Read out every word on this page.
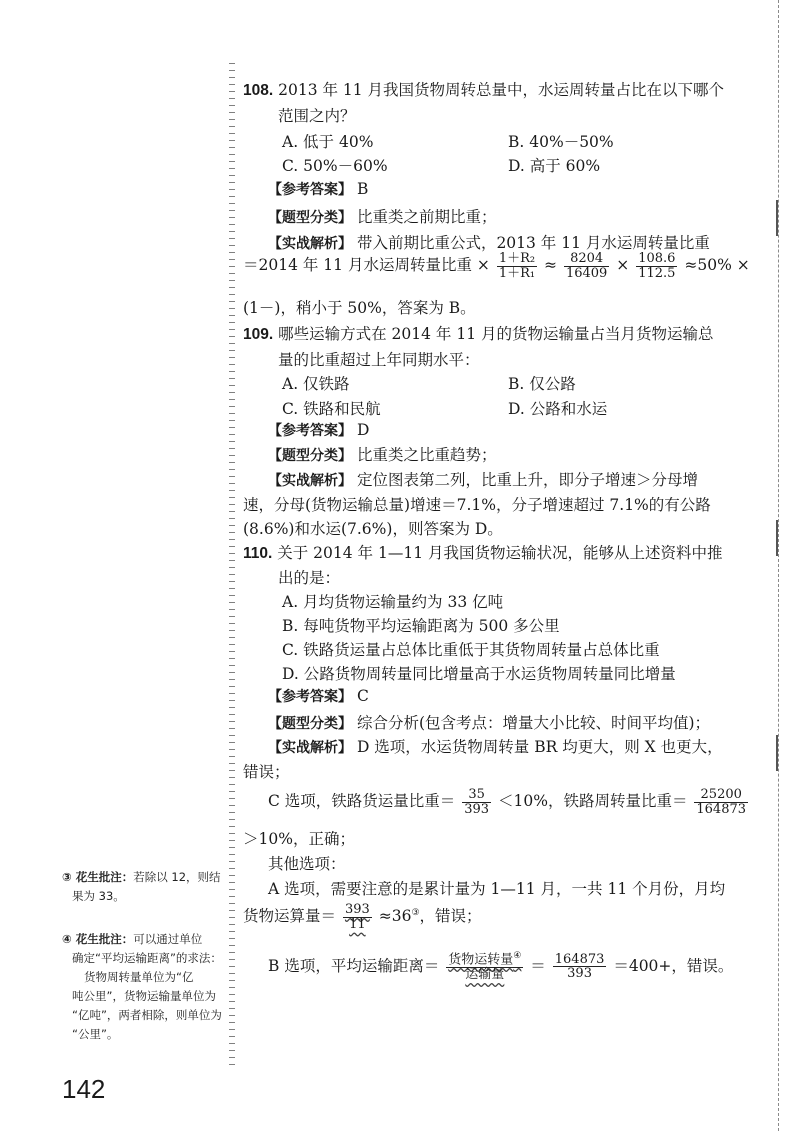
108. 2013 年 11 月我国货物周转总量中，水运周转量占比在以下哪个
范围之内？
A. 低于 40%	B. 40%－50%
C. 50%－60%	D. 高于 60%
【参考答案】 B
【题型分类】 比重类之前期比重；
【实战解析】 带入前期比重公式，2013 年 11 月水运周转量比重
＝2014 年 11 月水运周转量比重 × $\frac{\text{1＋R₂}}{\text{1＋R₁}} \approx \frac{8204}{16409} \times \frac{108.6}{112.5} \approx 50\%$ ×
(1－)，稍小于 50%，答案为 B。
109. 哪些运输方式在 2014 年 11 月的货物运输量占当月货物运输总
量的比重超过上年同期水平：
A. 仅铁路	B. 仅公路
C. 铁路和民航	D. 公路和水运
【参考答案】 D
【题型分类】 比重类之比重趋势；
【实战解析】 定位图表第二列，比重上升，即分子增速＞分母增
速，分母(货物运输总量)增速＝7.1%，分子增速超过 7.1%的有公路
(8.6%)和水运(7.6%)，则答案为 D。
110. 关于 2014 年 1—11 月我国货物运输状况，能够从上述资料中推
出的是：
A. 月均货物运输量约为 33 亿吨
B. 每吨货物平均运输距离为 500 多公里
C. 铁路货运量占总体比重低于其货物周转量占总体比重
D. 公路货物周转量同比增量高于水运货物周转量同比增量
【参考答案】 C
【题型分类】 综合分析(包含考点：增量大小比较、时间平均值)；
【实战解析】 D 选项，水运货物周转量 BR 均更大，则 X 也更大，
错误；
C 选项，铁路货运量比重＝ $\frac{35}{393} <10\%$，铁路周转量比重＝ $\frac{25200}{164873}$
＞10%，正确；
其他选项：
A 选项，需要注意的是累计量为 1—11 月，一共 11 个月份，月均
货物运算量＝ $\frac{393}{11} \approx 36^③$，错误；
B 选项，平均运输距离＝ $\frac{货物运转量^④}{\text{运输量}} = \frac{164873}{393} =400+$，错误。
③ 花生批注：若除以 12，则结
果为 33。
④ 花生批注：可以通过单位
确定“平均运输距离”的求法：
货物周转量单位为“亿
吨公里”，货物运输量单位为
“亿吨”，两者相除，则单位为
“公里”。
142
